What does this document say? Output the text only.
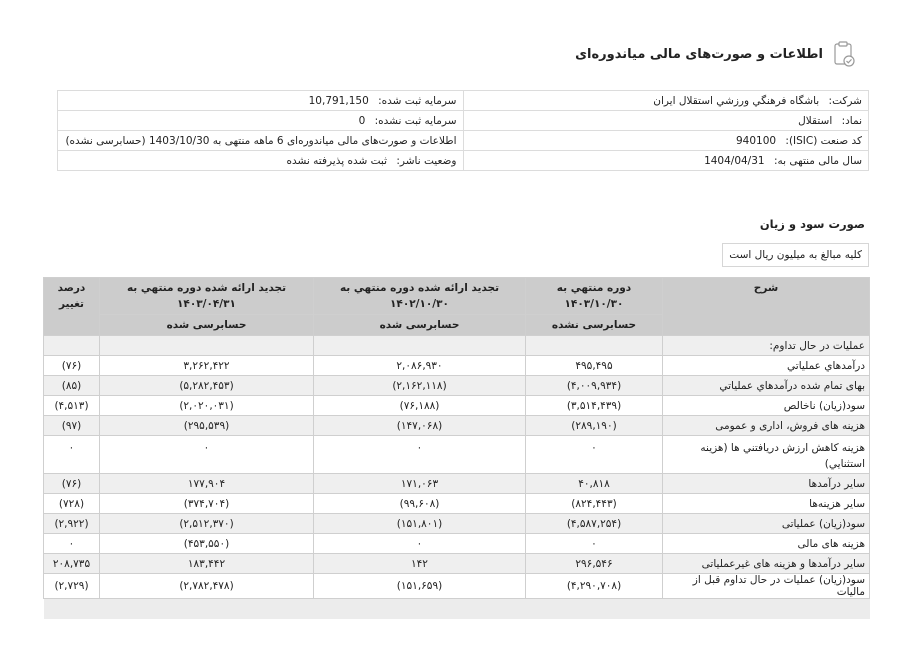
اطلاعات و صورت‌های مالی میاندوره‌ای
شرکت: باشگاه فرهنگي ورزشي استقلال ایران	سرمایه ثبت شده: 10,791,150
نماد: استقلال	سرمایه ثبت نشده: 0
کد صنعت (ISIC): 940100	اطلاعات و صورت‌های مالی میاندوره‌ای 6 ماهه منتهی به 1403/10/30 (حسابرسی نشده)
سال مالی منتهی به: 1404/04/31	وضعیت ناشر: ثبت شده پذیرفته نشده
صورت سود و زیان
کلیه مبالغ به میلیون ریال است
شرح	دوره منتهي به ۱۴۰۳/۱۰/۳۰	تجدید ارائه شده دوره منتهي به ۱۴۰۲/۱۰/۳۰	تجدید ارائه شده دوره منتهي به ۱۴۰۳/۰۴/۳۱	درصد تغییر
	حسابرسی نشده	حسابرسی شده	حسابرسی شده	
عملیات در حال تداوم:				
درآمدهاي عملياتي	۴۹۵,۴۹۵	۲,۰۸۶,۹۳۰	۳,۲۶۲,۴۲۲	(۷۶)
بهاى تمام شده درآمدهاي عملياتي	(۴,۰۰۹,۹۳۴)	(۲,۱۶۲,۱۱۸)	(۵,۲۸۲,۴۵۳)	(۸۵)
سود(زيان) ناخالص	(۳,۵۱۴,۴۳۹)	(۷۶,۱۸۸)	(۲,۰۲۰,۰۳۱)	(۴,۵۱۳)
هزينه هاى فروش، ادارى و عمومى	(۲۸۹,۱۹۰)	(۱۴۷,۰۶۸)	(۲۹۵,۵۳۹)	(۹۷)
هزینه کاهش ارزش دریافتني ها (هزینه استثنایي)	۰	۰	۰	۰
ساير درآمدها	۴۰,۸۱۸	۱۷۱,۰۶۳	۱۷۷,۹۰۴	(۷۶)
ساير هزينه‌ها	(۸۲۴,۴۴۳)	(۹۹,۶۰۸)	(۳۷۴,۷۰۴)	(۷۲۸)
سود(زيان) عملياتى	(۴,۵۸۷,۲۵۴)	(۱۵۱,۸۰۱)	(۲,۵۱۲,۳۷۰)	(۲,۹۲۲)
هزينه هاى مالى	۰	۰	(۴۵۳,۵۵۰)	۰
ساير درآمدها و هزينه هاى غيرعملياتى	۲۹۶,۵۴۶	۱۴۲	۱۸۳,۴۴۲	۲۰۸,۷۳۵
سود(زيان) عمليات در حال تداوم قبل از ماليات	(۴,۲۹۰,۷۰۸)	(۱۵۱,۶۵۹)	(۲,۷۸۲,۴۷۸)	(۲,۷۲۹)
